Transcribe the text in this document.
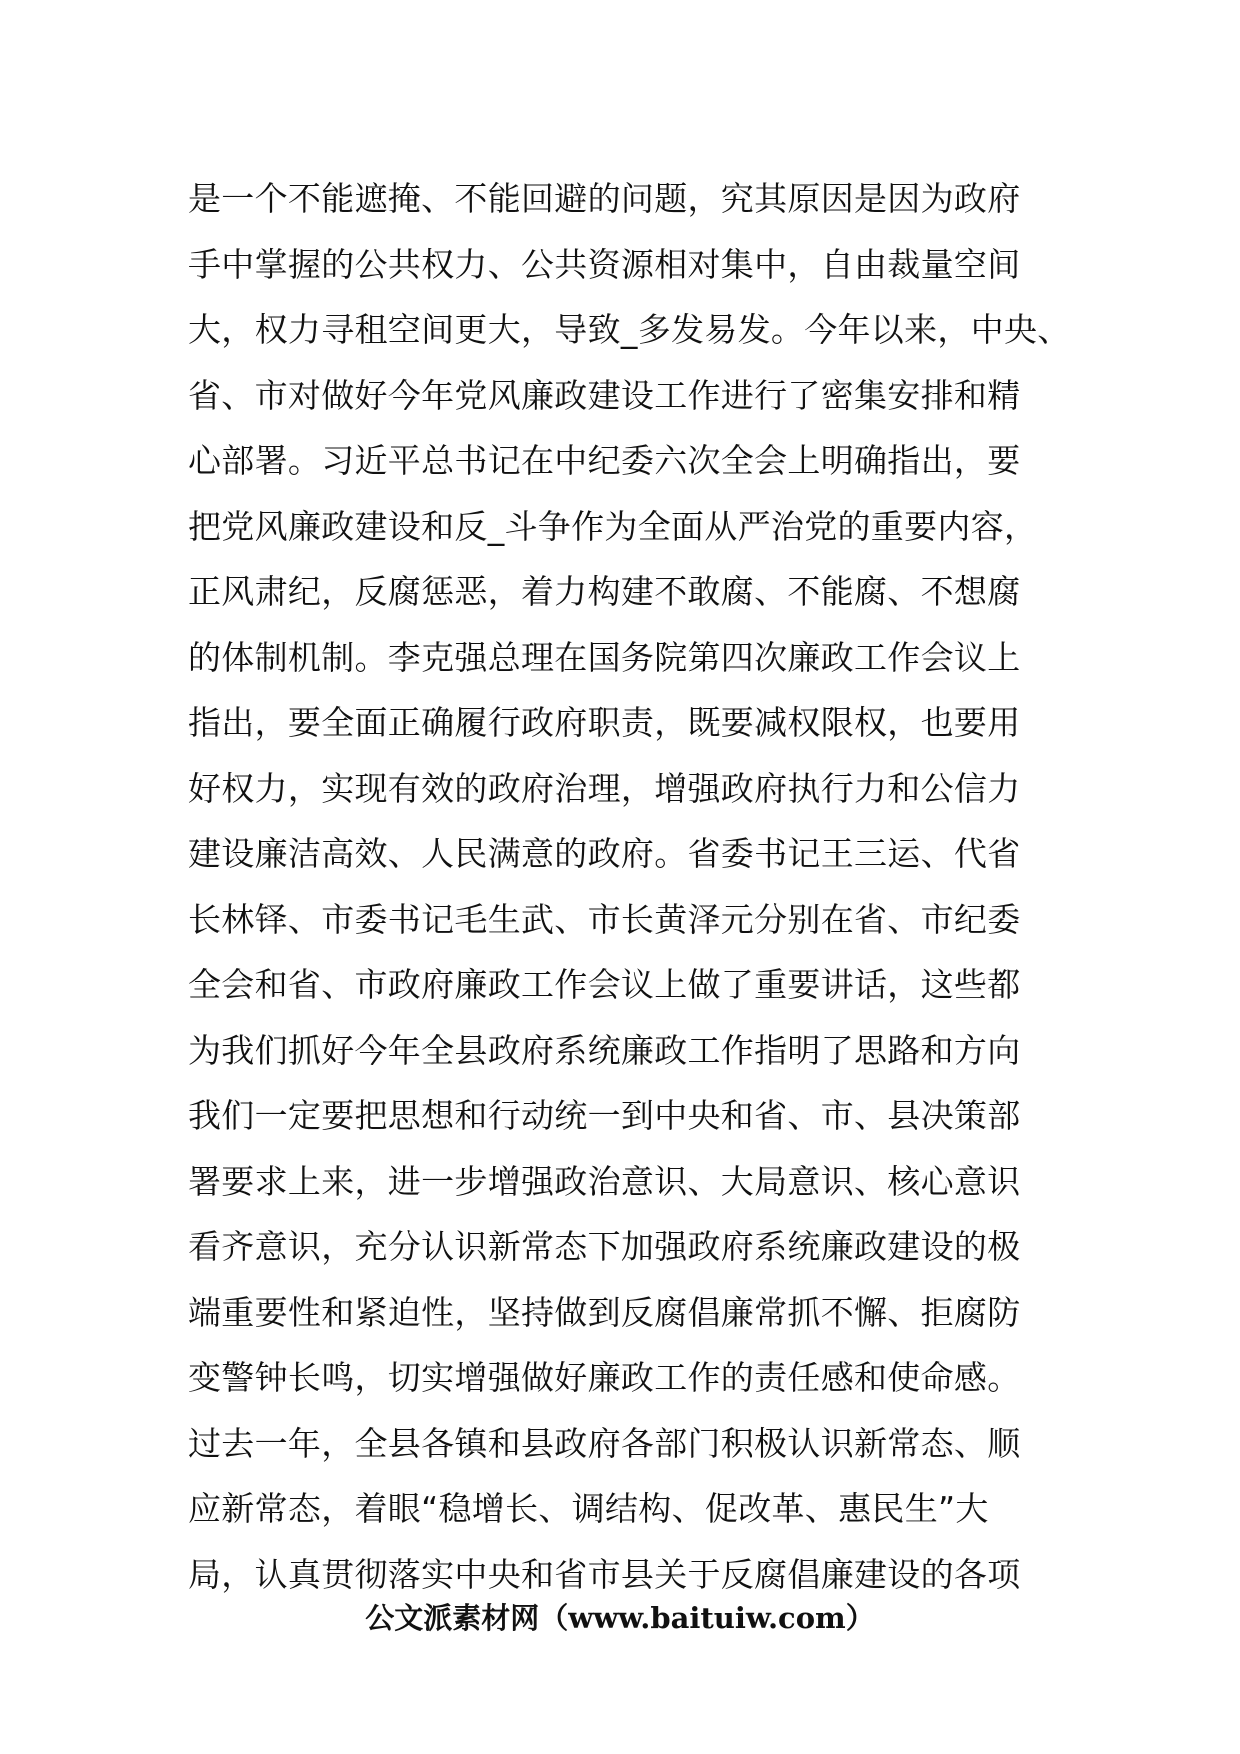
是一个不能遮掩、不能回避的问题，究其原因是因为政府

手中掌握的公共权力、公共资源相对集中，自由裁量空间

大，权力寻租空间更大，导致_多发易发。今年以来，中央、

省、市对做好今年党风廉政建设工作进行了密集安排和精

心部署。习近平总书记在中纪委六次全会上明确指出，要

把党风廉政建设和反_斗争作为全面从严治党的重要内容，

正风肃纪，反腐惩恶，着力构建不敢腐、不能腐、不想腐

的体制机制。李克强总理在国务院第四次廉政工作会议上

指出，要全面正确履行政府职责，既要减权限权，也要用

好权力，实现有效的政府治理，增强政府执行力和公信力

建设廉洁高效、人民满意的政府。省委书记王三运、代省

长林铎、市委书记毛生武、市长黄泽元分别在省、市纪委

全会和省、市政府廉政工作会议上做了重要讲话，这些都

为我们抓好今年全县政府系统廉政工作指明了思路和方向

我们一定要把思想和行动统一到中央和省、市、县决策部

署要求上来，进一步增强政治意识、大局意识、核心意识

看齐意识，充分认识新常态下加强政府系统廉政建设的极

端重要性和紧迫性，坚持做到反腐倡廉常抓不懈、拒腐防

变警钟长鸣，切实增强做好廉政工作的责任感和使命感。

过去一年，全县各镇和县政府各部门积极认识新常态、顺

应新常态，着眼“稳增长、调结构、促改革、惠民生”大

局，认真贯彻落实中央和省市县关于反腐倡廉建设的各项

公文派素材网（www.baituiw.com）
